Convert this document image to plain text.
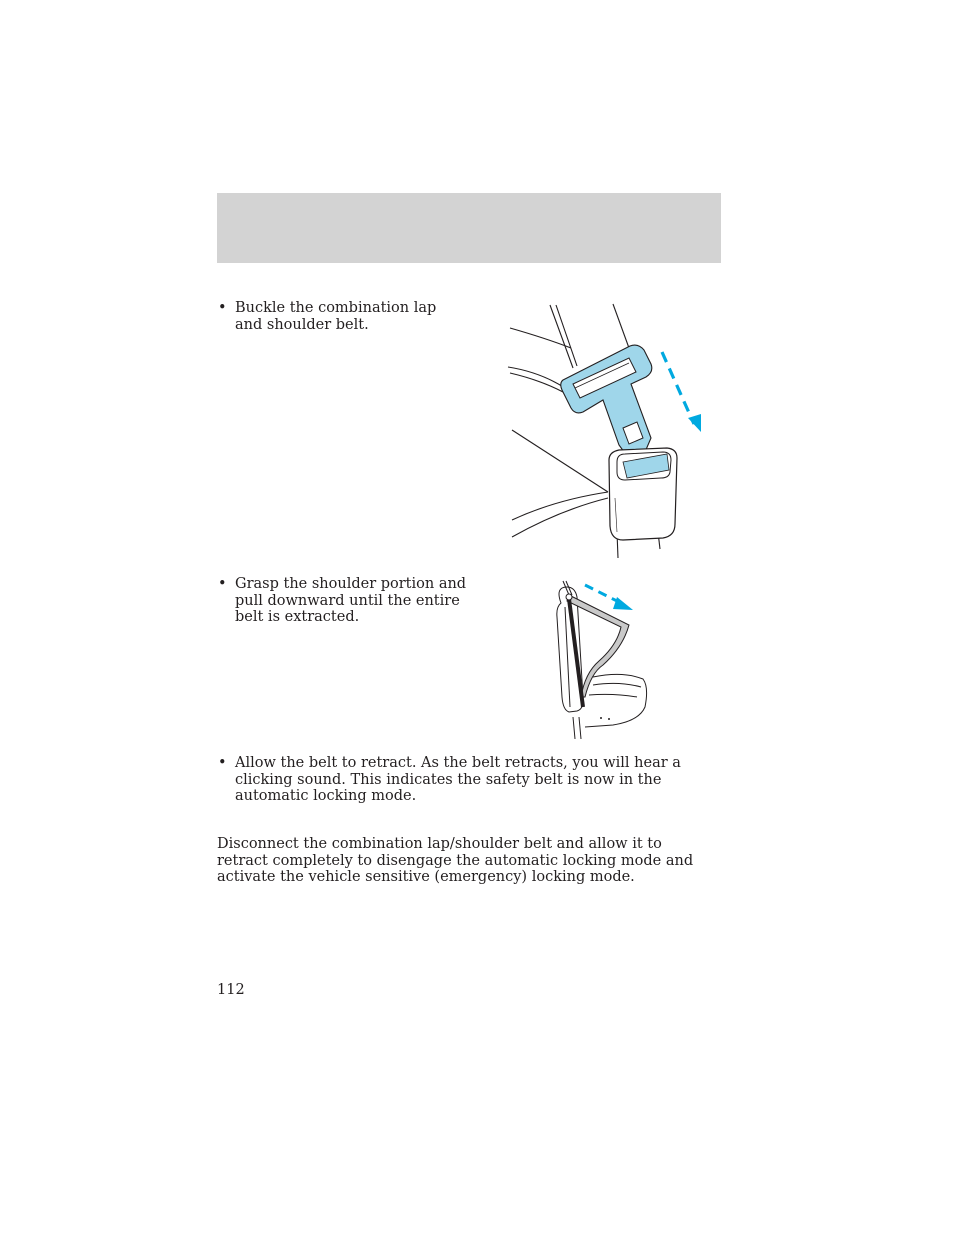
• Buckle the combination lap and shoulder belt.
• Grasp the shoulder portion and pull downward until the entire belt is extracted.
• Allow the belt to retract. As the belt retracts, you will hear a clicking sound. This indicates the safety belt is now in the automatic locking mode.

Disconnect the combination lap/shoulder belt and allow it to retract completely to disengage the automatic locking mode and activate the vehicle sensitive (emergency) locking mode.

112
